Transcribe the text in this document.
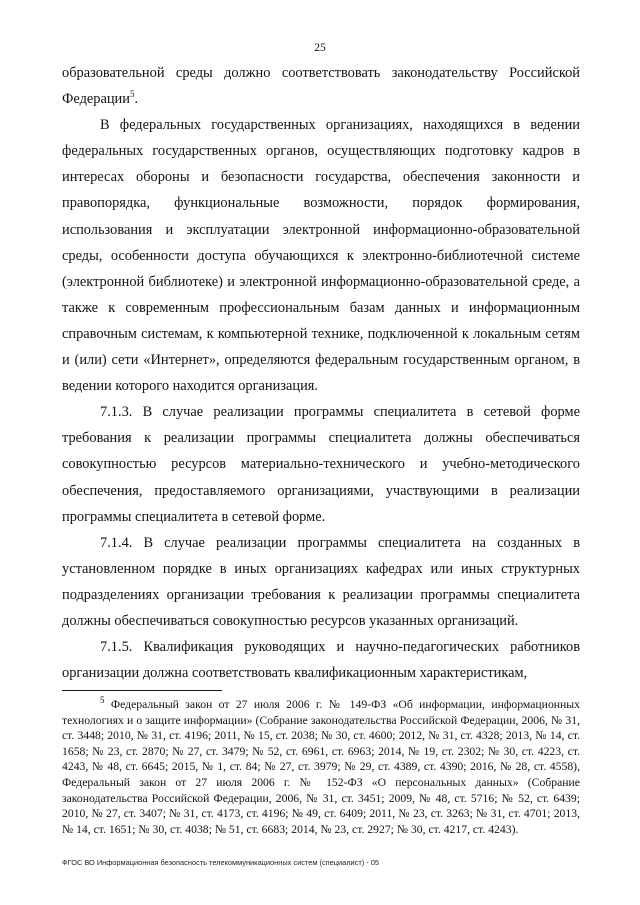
25

образовательной среды должно соответствовать законодательству Российской Федерации$^5$.

В федеральных государственных организациях, находящихся в ведении федеральных государственных органов, осуществляющих подготовку кадров в интересах обороны и безопасности государства, обеспечения законности и правопорядка, функциональные возможности, порядок формирования, использования и эксплуатации электронной информационно-образовательной среды, особенности доступа обучающихся к электронно-библиотечной системе (электронной библиотеке) и электронной информационно-образовательной среде, а также к современным профессиональным базам данных и информационным справочным системам, к компьютерной технике, подключенной к локальным сетям и (или) сети «Интернет», определяются федеральным государственным органом, в ведении которого находится организация.

7.1.3. В случае реализации программы специалитета в сетевой форме требования к реализации программы специалитета должны обеспечиваться совокупностью ресурсов материально-технического и учебно-методического обеспечения, предоставляемого организациями, участвующими в реализации программы специалитета в сетевой форме.

7.1.4. В случае реализации программы специалитета на созданных в установленном порядке в иных организациях кафедрах или иных структурных подразделениях организации требования к реализации программы специалитета должны обеспечиваться совокупностью ресурсов указанных организаций.

7.1.5. Квалификация руководящих и научно-педагогических работников организации должна соответствовать квалификационным характеристикам,

$^5$ Федеральный закон от 27 июля 2006 г. № 149-ФЗ «Об информации, информационных технологиях и о защите информации» (Собрание законодательства Российской Федерации, 2006, № 31, ст. 3448; 2010, № 31, ст. 4196; 2011, № 15, ст. 2038; № 30, ст. 4600; 2012, № 31, ст. 4328; 2013, № 14, ст. 1658; № 23, ст. 2870; № 27, ст. 3479; № 52, ст. 6961, ст. 6963; 2014, № 19, ст. 2302; № 30, ст. 4223, ст. 4243, № 48, ст. 6645; 2015, № 1, ст. 84; № 27, ст. 3979; № 29, ст. 4389, ст. 4390; 2016, № 28, ст. 4558), Федеральный закон от 27 июля 2006 г. № 152-ФЗ «О персональных данных» (Собрание законодательства Российской Федерации, 2006, № 31, ст. 3451; 2009, № 48, ст. 5716; № 52, ст. 6439; 2010, № 27, ст. 3407; № 31, ст. 4173, ст. 4196; № 49, ст. 6409; 2011, № 23, ст. 3263; № 31, ст. 4701; 2013, № 14, ст. 1651; № 30, ст. 4038; № 51, ст. 6683; 2014, № 23, ст. 2927; № 30, ст. 4217, ст. 4243).

ФГОС ВО Информационная безопасность телекоммуникационных систем (специалист) - 05
